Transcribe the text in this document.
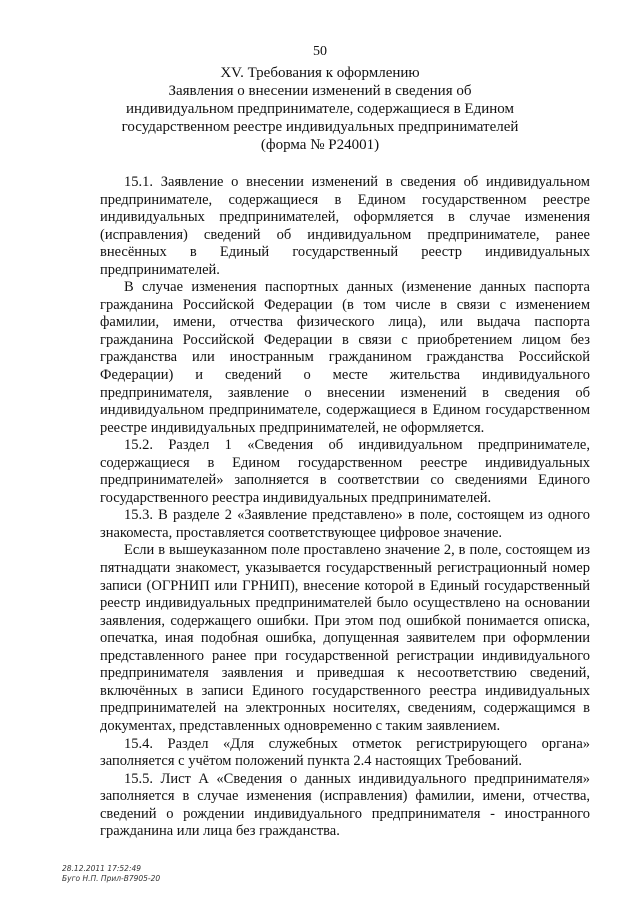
50
XV. Требования к оформлению
Заявления о внесении изменений в сведения об
индивидуальном предпринимателе, содержащиеся в Едином
государственном реестре индивидуальных предпринимателей
(форма № Р24001)

15.1. Заявление о внесении изменений в сведения об индивидуальном предпринимателе, содержащиеся в Едином государственном реестре индивидуальных предпринимателей, оформляется в случае изменения (исправления) сведений об индивидуальном предпринимателе, ранее внесённых в Единый государственный реестр индивидуальных предпринимателей.

В случае изменения паспортных данных (изменение данных паспорта гражданина Российской Федерации (в том числе в связи с изменением фамилии, имени, отчества физического лица), или выдача паспорта гражданина Российской Федерации в связи с приобретением лицом без гражданства или иностранным гражданином гражданства Российской Федерации) и сведений о месте жительства индивидуального предпринимателя, заявление о внесении изменений в сведения об индивидуальном предпринимателе, содержащиеся в Едином государственном реестре индивидуальных предпринимателей, не оформляется.

15.2. Раздел 1 «Сведения об индивидуальном предпринимателе, содержащиеся в Едином государственном реестре индивидуальных предпринимателей» заполняется в соответствии со сведениями Единого государственного реестра индивидуальных предпринимателей.

15.3. В разделе 2 «Заявление представлено» в поле, состоящем из одного знакоместа, проставляется соответствующее цифровое значение.

Если в вышеуказанном поле проставлено значение 2, в поле, состоящем из пятнадцати знакомест, указывается государственный регистрационный номер записи (ОГРНИП или ГРНИП), внесение которой в Единый государственный реестр индивидуальных предпринимателей было осуществлено на основании заявления, содержащего ошибки. При этом под ошибкой понимается описка, опечатка, иная подобная ошибка, допущенная заявителем при оформлении представленного ранее при государственной регистрации индивидуального предпринимателя заявления и приведшая к несоответствию сведений, включённых в записи Единого государственного реестра индивидуальных предпринимателей на электронных носителях, сведениям, содержащимся в документах, представленных одновременно с таким заявлением.

15.4. Раздел «Для служебных отметок регистрирующего органа» заполняется с учётом положений пункта 2.4 настоящих Требований.

15.5. Лист А «Сведения о данных индивидуального предпринимателя» заполняется в случае изменения (исправления) фамилии, имени, отчества, сведений о рождении индивидуального предпринимателя - иностранного гражданина или лица без гражданства.

28.12.2011 17:52:49
Буго Н.П. Прил-В7905-20
